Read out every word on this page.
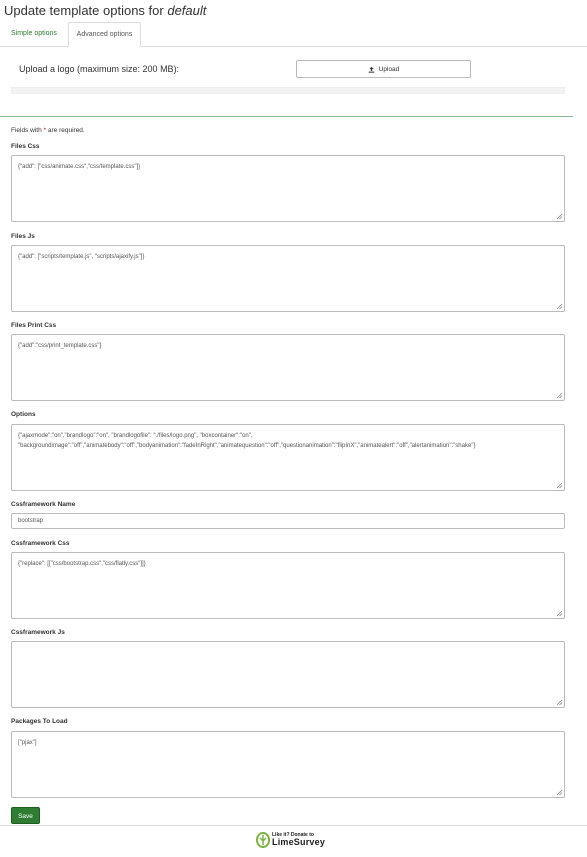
Update template options for default
Simple options	Advanced options
Upload a logo (maximum size: 200 MB):	Upload
Fields with * are required.
Files Css
{"add": ["css/animate.css","css/template.css"]}
Files Js
{"add": ["scripts/template.js", "scripts/ajaxify.js"]}
Files Print Css
{"add":"css/print_template.css"}
Options
{"ajaxmode":"on","brandlogo":"on", "brandlogofile": "./files/logo.png", "boxcontainer":"on", "backgroundimage":"off","animatebody":"off","bodyanimation":"fadeInRight","animatequestion":"off","questionanimation":"flipInX","animatealert":"off","alertanimation":"shake"}
Cssframework Name
bootstrap
Cssframework Css
{"replace": [["css/bootstrap.css","css/flatly.css"]]}
Cssframework Js
Packages To Load
["pjax"]
Save
Like it? Donate to
LimeSurvey
